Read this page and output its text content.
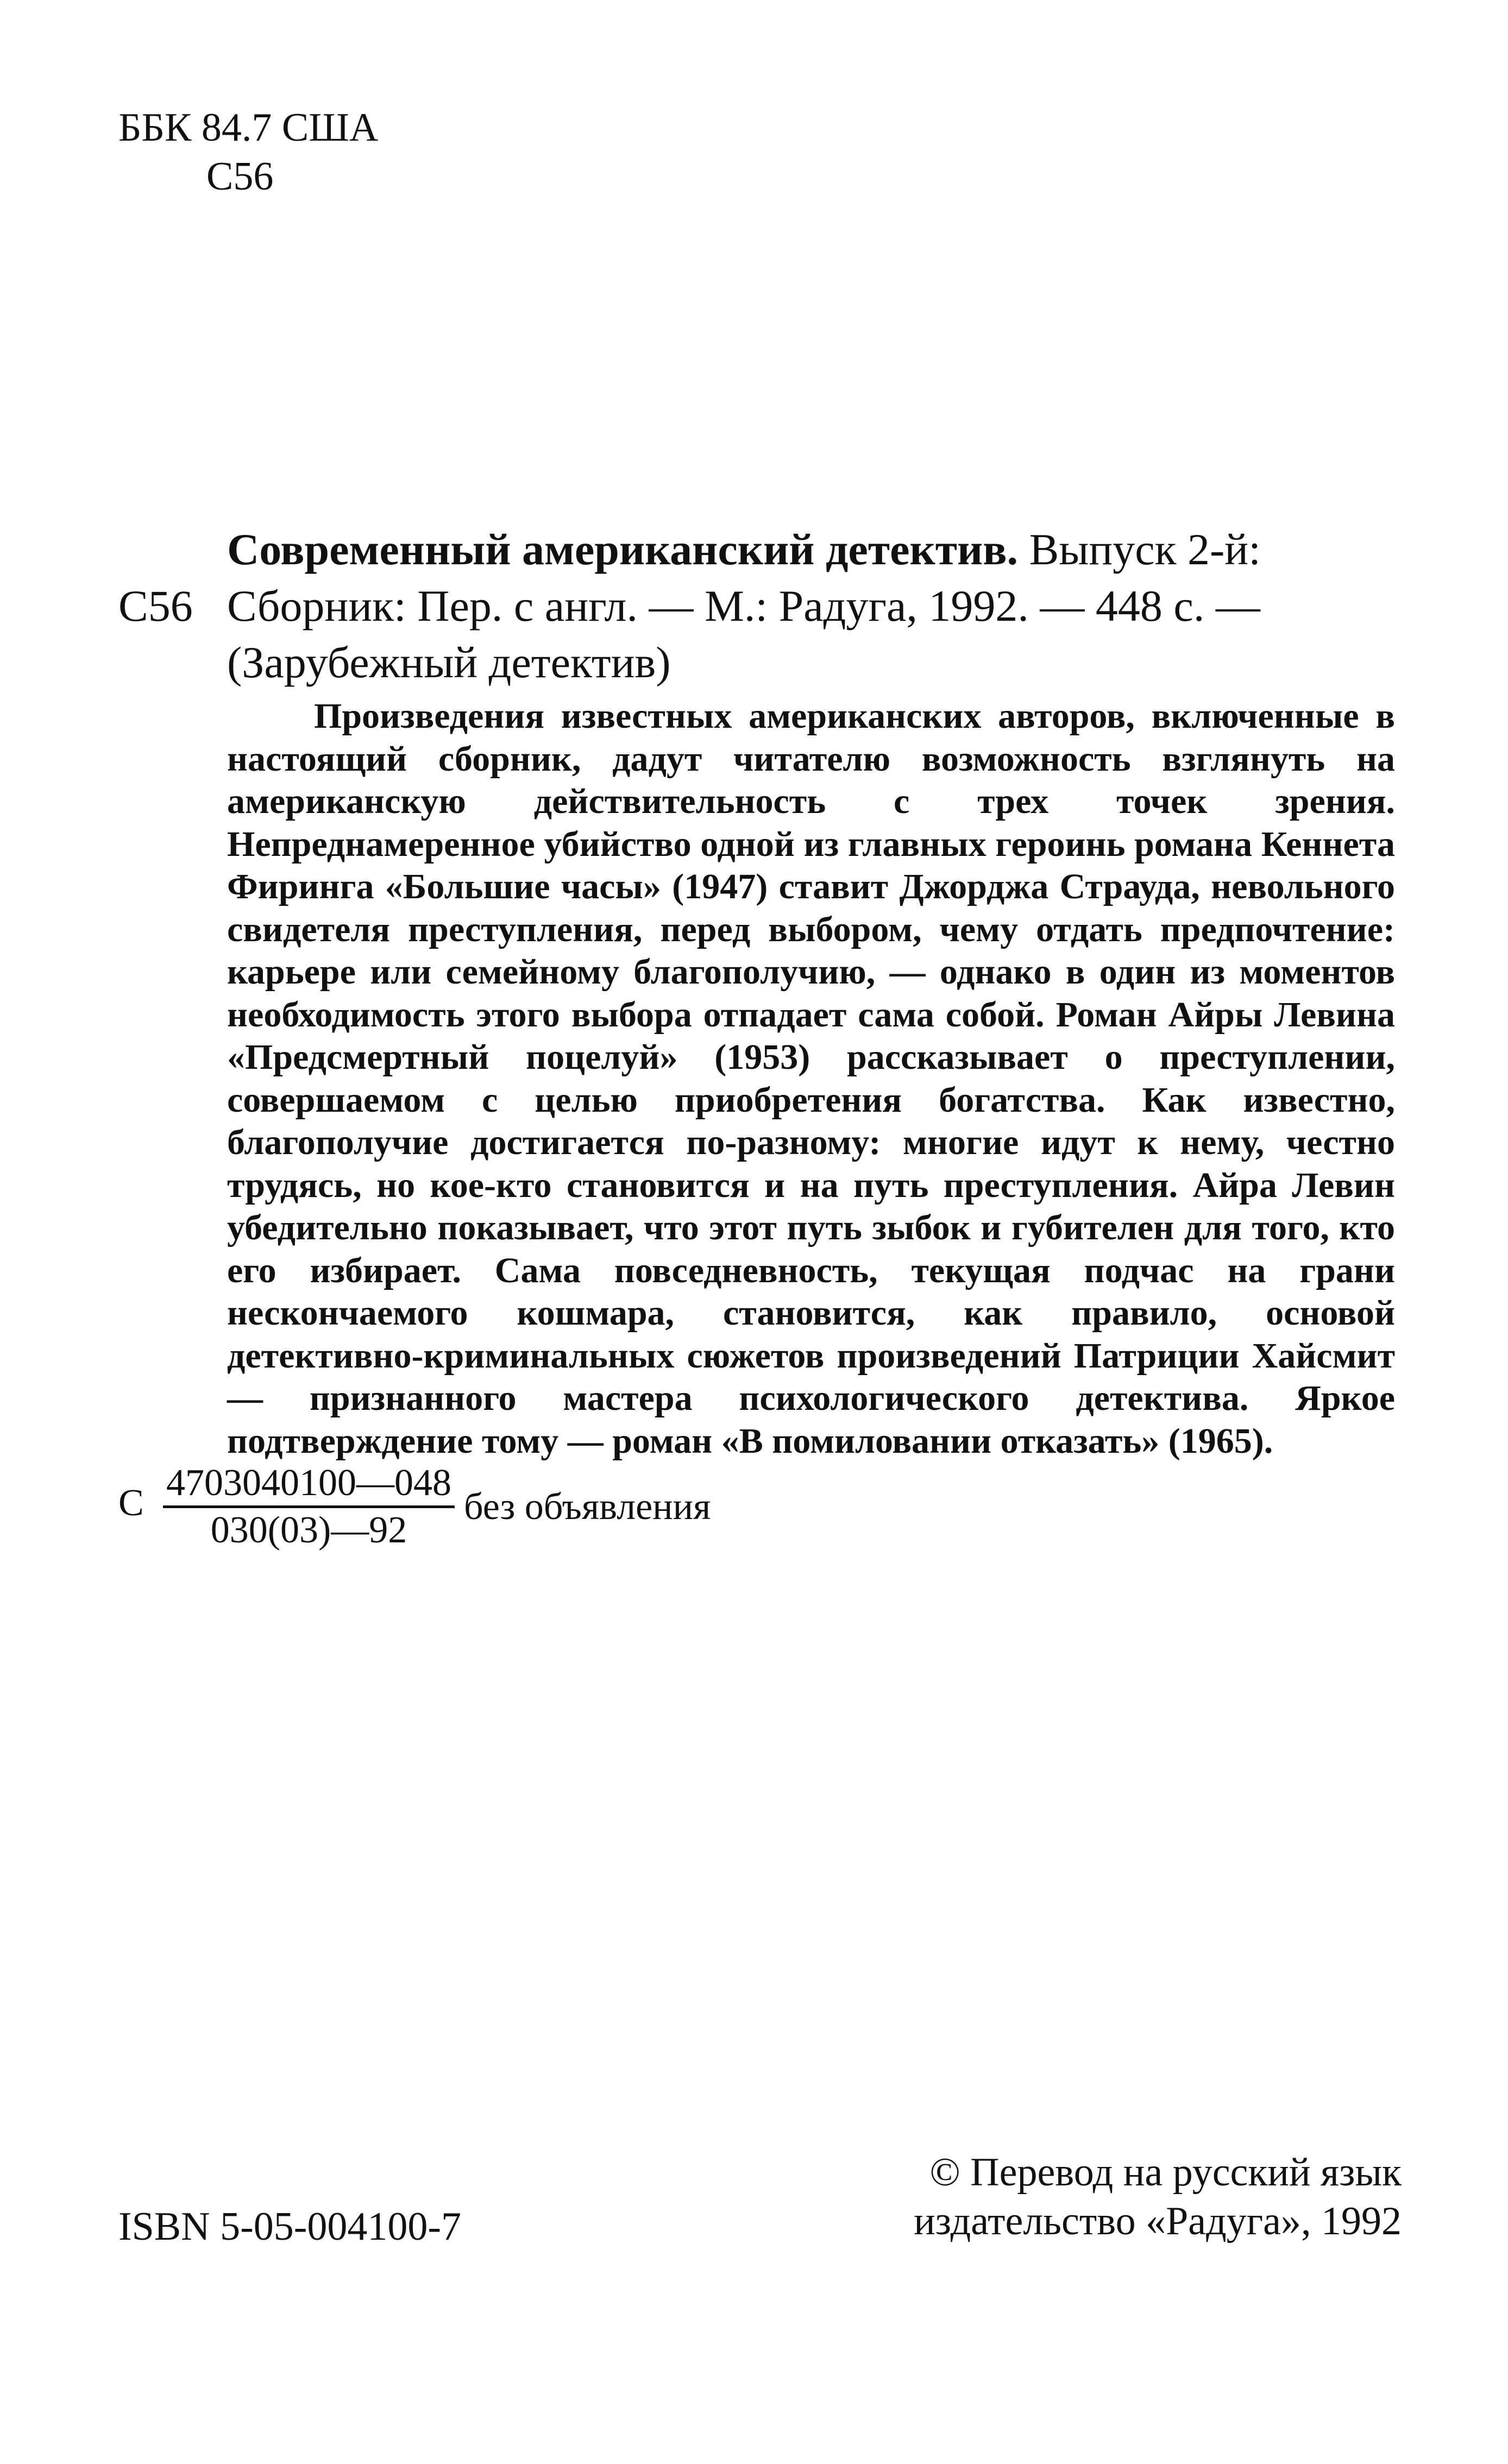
ББК 84.7 США
С56
С56
Современный американский детектив. Выпуск 2-й:
Сборник: Пер. с англ. — М.: Радуга, 1992. — 448 с. —
(Зарубежный детектив)

Произведения известных американских авторов, включенные в настоящий сборник, дадут читателю возможность взглянуть на американскую действительность с трех точек зрения. Непреднамеренное убийство одной из главных героинь романа Кеннета Фиринга «Большие часы» (1947) ставит Джорджа Страуда, невольного свидетеля преступления, перед выбором, чему отдать предпочтение: карьере или семейному благополучию, — однако в один из моментов необходимость этого выбора отпадает сама собой. Роман Айры Левина «Предсмертный поцелуй» (1953) рассказывает о преступлении, совершаемом с целью приобретения богатства. Как известно, благополучие достигается по-разному: многие идут к нему, честно трудясь, но кое-кто становится и на путь преступления. Айра Левин убедительно показывает, что этот путь зыбок и губителен для того, кто его избирает. Сама повседневность, текущая подчас на грани нескончаемого кошмара, становится, как правило, основой детективно-криминальных сюжетов произведений Патриции Хайсмит — признанного мастера психологического детектива. Яркое подтверждение тому — роман «В помиловании отказать» (1965).

С $\frac{4703040100—048}{030(03)—92}$ без объявления
ISBN 5-05-004100-7
© Перевод на русский язык
издательство «Радуга», 1992
